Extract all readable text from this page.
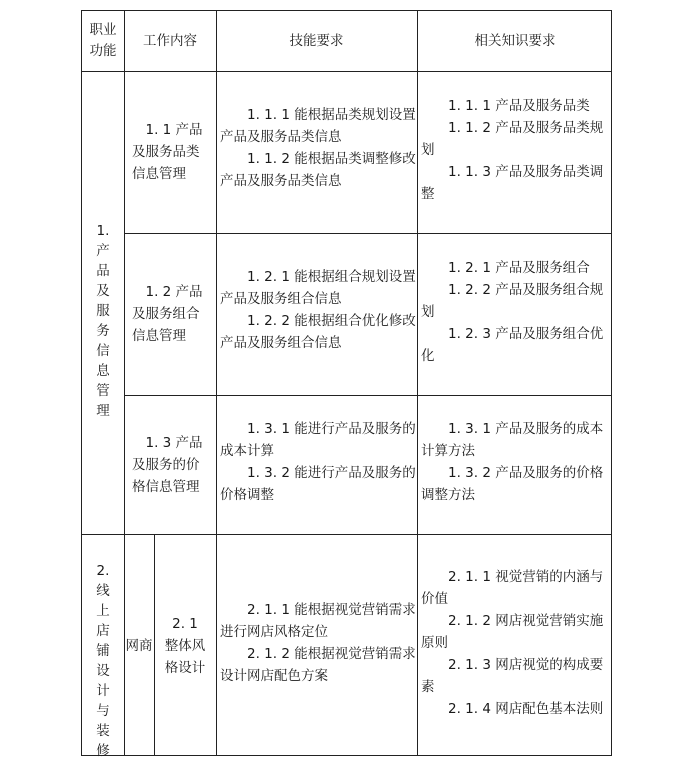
职业
功能
工作内容	技能要求	相关知识要求
1.
产
品
及
服
务
信
息
管
理
1. 1 产品
及服务品类
信息管理

1. 1. 1 能根据品类规划设置产品及服务品类信息

1. 1. 2 能根据品类调整修改产品及服务品类信息

1. 1. 1 产品及服务品类

1. 1. 2 产品及服务品类规划

1. 1. 3 产品及服务品类调整

1. 2 产品
及服务组合
信息管理

1. 2. 1 能根据组合规划设置产品及服务组合信息

1. 2. 2 能根据组合优化修改产品及服务组合信息

1. 2. 1 产品及服务组合

1. 2. 2 产品及服务组合规划

1. 2. 3 产品及服务组合优化

1. 3 产品
及服务的价
格信息管理

1. 3. 1 能进行产品及服务的成本计算

1. 3. 2 能进行产品及服务的价格调整

1. 3. 1 产品及服务的成本计算方法

1. 3. 2 产品及服务的价格调整方法

2.
线
上
店
铺
设
计
与
装
修
网商
2. 1
整体风
格设计

2. 1. 1 能根据视觉营销需求进行网店风格定位

2. 1. 2 能根据视觉营销需求设计网店配色方案

2. 1. 1 视觉营销的内涵与价值

2. 1. 2 网店视觉营销实施原则

2. 1. 3 网店视觉的构成要素

2. 1. 4 网店配色基本法则
